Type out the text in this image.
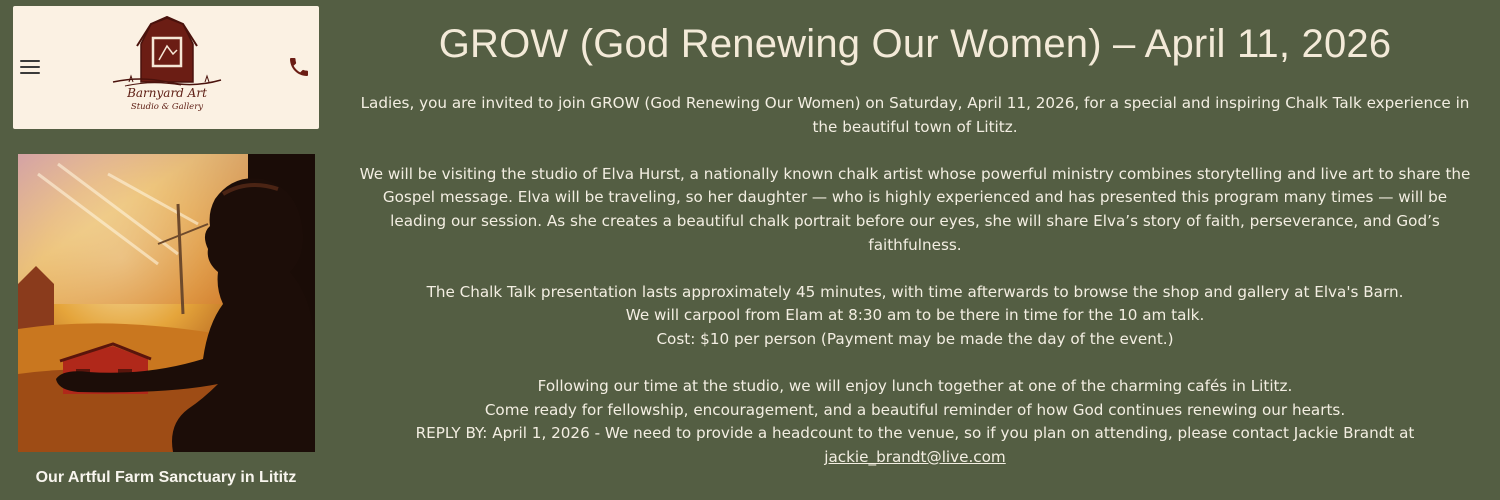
Barnyard Art
Studio & Gallery
Our Artful Farm Sanctuary in Lititz
GROW (God Renewing Our Women) – April 11, 2026

Ladies, you are invited to join GROW (God Renewing Our Women) on Saturday, April 11, 2026, for a special and inspiring Chalk Talk experience in the beautiful town of Lititz.

We will be visiting the studio of Elva Hurst, a nationally known chalk artist whose powerful ministry combines storytelling and live art to share the Gospel message. Elva will be traveling, so her daughter — who is highly experienced and has presented this program many times — will be leading our session. As she creates a beautiful chalk portrait before our eyes, she will share Elva’s story of faith, perseverance, and God’s faithfulness.

The Chalk Talk presentation lasts approximately 45 minutes, with time afterwards to browse the shop and gallery at Elva's Barn.
We will carpool from Elam at 8:30 am to be there in time for the 10 am talk.
Cost: $10 per person (Payment may be made the day of the event.)

Following our time at the studio, we will enjoy lunch together at one of the charming cafés in Lititz.
Come ready for fellowship, encouragement, and a beautiful reminder of how God continues renewing our hearts.
REPLY BY: April 1, 2026 - We need to provide a headcount to the venue, so if you plan on attending, please contact Jackie Brandt at
jackie_brandt@live.com
